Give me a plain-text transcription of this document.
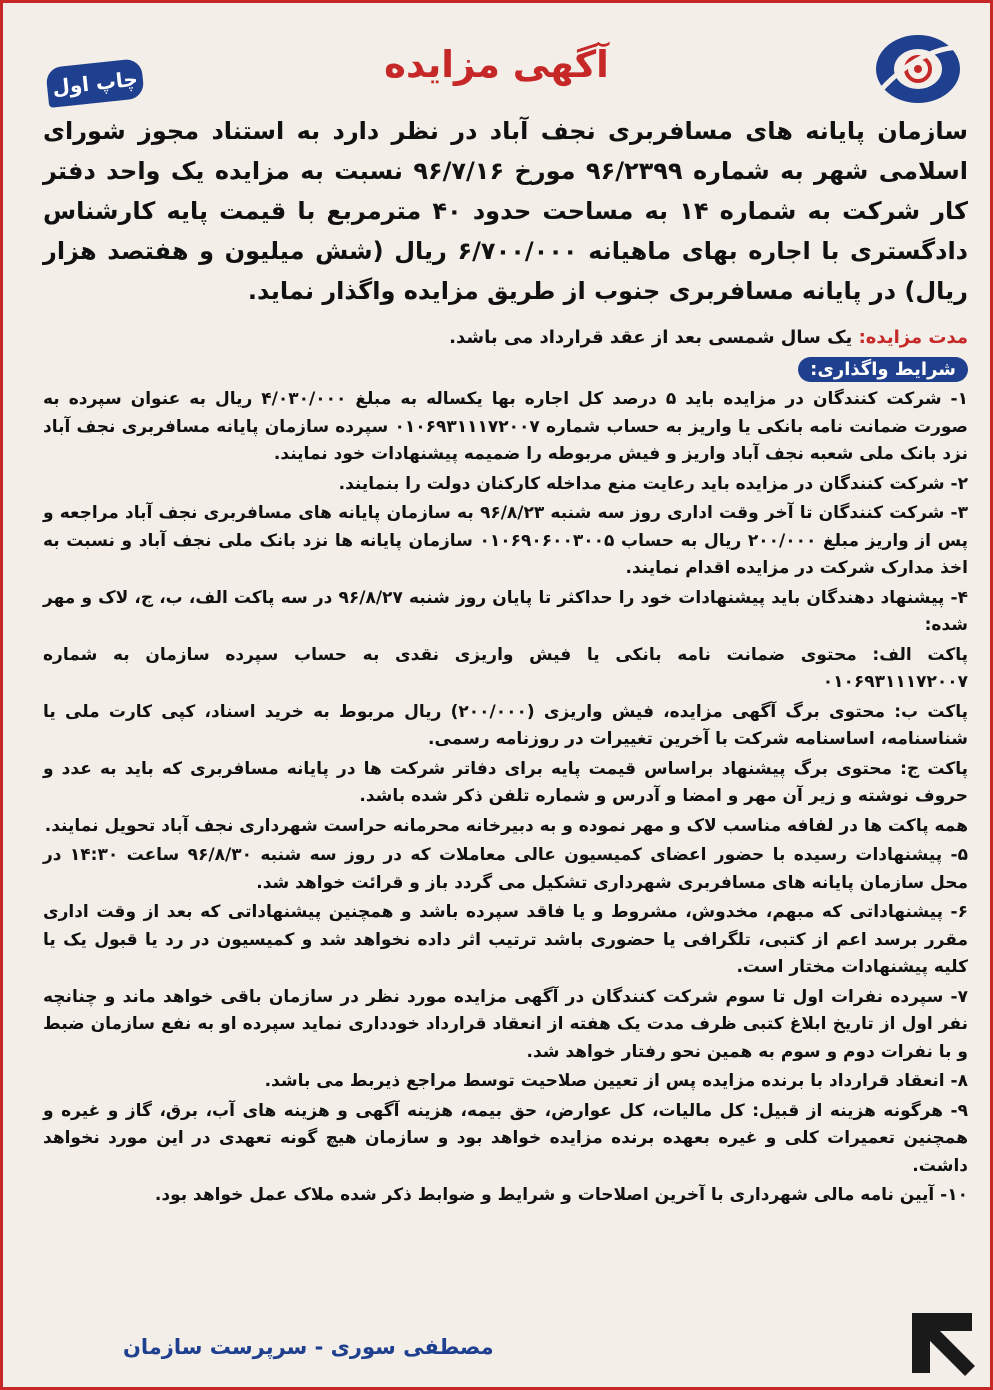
آگهی مزایده
چاپ اول

سازمان پایانه های مسافربری نجف آباد در نظر دارد به استناد مجوز شورای اسلامی شهر به شماره ۹۶/۲۳۹۹ مورخ ۹۶/۷/۱۶ نسبت به مزایده یک واحد دفتر کار شرکت به شماره ۱۴ به مساحت حدود ۴۰ مترمربع با قیمت پایه کارشناس دادگستری با اجاره بهای ماهیانه ۶/۷۰۰/۰۰۰ ریال (شش میلیون و هفتصد هزار ریال) در پایانه مسافربری جنوب از طریق مزایده واگذار نماید.

مدت مزایده: یک سال شمسی بعد از عقد قرارداد می باشد.

شرایط واگذاری:

۱- شرکت کنندگان در مزایده باید ۵ درصد کل اجاره بها یکساله به مبلغ ۴/۰۳۰/۰۰۰ ریال به عنوان سپرده به صورت ضمانت نامه بانکی یا واریز به حساب شماره ۰۱۰۶۹۳۱۱۱۷۲۰۰۷ سپرده سازمان پایانه مسافربری نجف آباد نزد بانک ملی شعبه نجف آباد واریز و فیش مربوطه را ضمیمه پیشنهادات خود نمایند.

۲- شرکت کنندگان در مزایده باید رعایت منع مداخله کارکنان دولت را بنمایند.

۳- شرکت کنندگان تا آخر وقت اداری روز سه شنبه ۹۶/۸/۲۳ به سازمان پایانه های مسافربری نجف آباد مراجعه و پس از واریز مبلغ ۲۰۰/۰۰۰ ریال به حساب ۰۱۰۶۹۰۶۰۰۳۰۰۵ سازمان پایانه ها نزد بانک ملی نجف آباد و نسبت به اخذ مدارک شرکت در مزایده اقدام نمایند.

۴- پیشنهاد دهندگان باید پیشنهادات خود را حداکثر تا پایان روز شنبه ۹۶/۸/۲۷ در سه پاکت الف، ب، ج، لاک و مهر شده:

پاکت الف: محتوی ضمانت نامه بانکی یا فیش واریزی نقدی به حساب سپرده سازمان به شماره ۰۱۰۶۹۳۱۱۱۷۲۰۰۷

پاکت ب: محتوی برگ آگهی مزایده، فیش واریزی (۲۰۰/۰۰۰) ریال مربوط به خرید اسناد، کپی کارت ملی یا شناسنامه، اساسنامه شرکت با آخرین تغییرات در روزنامه رسمی.

پاکت ج: محتوی برگ پیشنهاد براساس قیمت پایه برای دفاتر شرکت ها در پایانه مسافربری که باید به عدد و حروف نوشته و زیر آن مهر و امضا و آدرس و شماره تلفن ذکر شده باشد.

همه پاکت ها در لفافه مناسب لاک و مهر نموده و به دبیرخانه محرمانه حراست شهرداری نجف آباد تحویل نمایند.

۵- پیشنهادات رسیده با حضور اعضای کمیسیون عالی معاملات که در روز سه شنبه ۹۶/۸/۳۰ ساعت ۱۴:۳۰ در محل سازمان پایانه های مسافربری شهرداری تشکیل می گردد باز و قرائت خواهد شد.

۶- پیشنهاداتی که مبهم، مخدوش، مشروط و یا فاقد سپرده باشد و همچنین پیشنهاداتی که بعد از وقت اداری مقرر برسد اعم از کتبی، تلگرافی یا حضوری باشد ترتیب اثر داده نخواهد شد و کمیسیون در رد یا قبول یک یا کلیه پیشنهادات مختار است.

۷- سپرده نفرات اول تا سوم شرکت کنندگان در آگهی مزایده مورد نظر در سازمان باقی خواهد ماند و چنانچه نفر اول از تاریخ ابلاغ کتبی ظرف مدت یک هفته از انعقاد قرارداد خودداری نماید سپرده او به نفع سازمان ضبط و با نفرات دوم و سوم به همین نحو رفتار خواهد شد.

۸- انعقاد قرارداد با برنده مزایده پس از تعیین صلاحیت توسط مراجع ذیربط می باشد.

۹- هرگونه هزینه از قبیل: کل مالیات، کل عوارض، حق بیمه، هزینه آگهی و هزینه های آب، برق، گاز و غیره و همچنین تعمیرات کلی و غیره بعهده برنده مزایده خواهد بود و سازمان هیچ گونه تعهدی در این مورد نخواهد داشت.

۱۰- آیین نامه مالی شهرداری با آخرین اصلاحات و شرایط و ضوابط ذکر شده ملاک عمل خواهد بود.

مصطفی سوری - سرپرست سازمان
